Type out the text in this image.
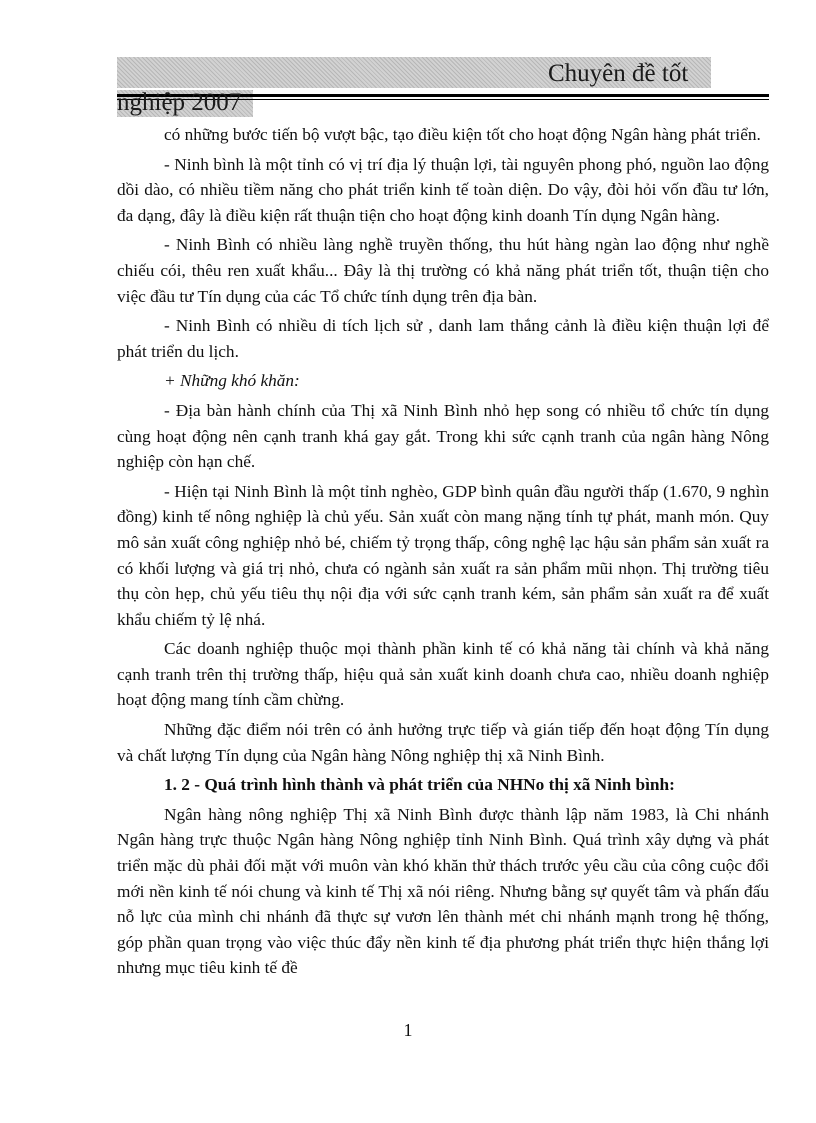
Chuyên đề tốt
nghiệp 2007

có những bước tiến bộ vượt bậc, tạo điều kiện tốt cho hoạt động Ngân hàng phát triển.

- Ninh bình là một tỉnh có vị trí địa lý thuận lợi, tài nguyên phong phó, nguồn lao động dồi dào, có nhiều tiềm năng cho phát triển kinh tế toàn diện. Do vậy, đòi hỏi vốn đầu tư lớn, đa dạng, đây là điều kiện rất thuận tiện cho hoạt động kinh doanh Tín dụng Ngân hàng.

- Ninh Bình có nhiều làng nghề truyền thống, thu hút hàng ngàn lao động như nghề chiếu cói, thêu ren xuất khẩu... Đây là thị trường có khả năng phát triển tốt, thuận tiện cho việc đầu tư Tín dụng của các Tổ chức tính dụng trên địa bàn.

- Ninh Bình có nhiều di tích lịch sử , danh lam thắng cảnh là điều kiện thuận lợi để phát triển du lịch.

+ Những khó khăn:

- Địa bàn hành chính của Thị xã Ninh Bình nhỏ hẹp song có nhiều tổ chức tín dụng cùng hoạt động nên cạnh tranh khá gay gắt. Trong khi sức cạnh tranh của ngân hàng Nông nghiệp còn hạn chế.

- Hiện tại Ninh Bình là một tỉnh nghèo, GDP bình quân đầu người thấp (1.670, 9 nghìn đồng) kinh tế nông nghiệp là chủ yếu. Sản xuất còn mang nặng tính tự phát, manh món. Quy mô sản xuất công nghiệp nhỏ bé, chiếm tỷ trọng thấp, công nghệ lạc hậu sản phẩm sản xuất ra có khối lượng và giá trị nhỏ, chưa có ngành sản xuất ra sản phẩm mũi nhọn. Thị trường tiêu thụ còn hẹp, chủ yếu tiêu thụ nội địa với sức cạnh tranh kém, sản phẩm sản xuất ra để xuất khẩu chiếm tỷ lệ nhá.

Các doanh nghiệp thuộc mọi thành phần kinh tế có khả năng tài chính và khả năng cạnh tranh trên thị trường thấp, hiệu quả sản xuất kinh doanh chưa cao, nhiều doanh nghiệp hoạt động mang tính cầm chừng.

Những đặc điểm nói trên có ảnh hưởng trực tiếp và gián tiếp đến hoạt động Tín dụng và chất lượng Tín dụng của Ngân hàng Nông nghiệp thị xã Ninh Bình.

1. 2 - Quá trình hình thành và phát triển của NHNo thị xã Ninh bình:

Ngân hàng nông nghiệp Thị xã Ninh Bình được thành lập năm 1983, là Chi nhánh Ngân hàng trực thuộc Ngân hàng Nông nghiệp tỉnh Ninh Bình. Quá trình xây dựng và phát triển mặc dù phải đối mặt với muôn vàn khó khăn thử thách trước yêu cầu của công cuộc đổi mới nền kinh tế nói chung và kinh tế Thị xã nói riêng. Nhưng bằng sự quyết tâm và phấn đấu nỗ lực của mình chi nhánh đã thực sự vươn lên thành mét chi nhánh mạnh trong hệ thống, góp phần quan trọng vào việc thúc đẩy nền kinh tế địa phương phát triển thực hiện thắng lợi nhưng mục tiêu kinh tế đề

1
